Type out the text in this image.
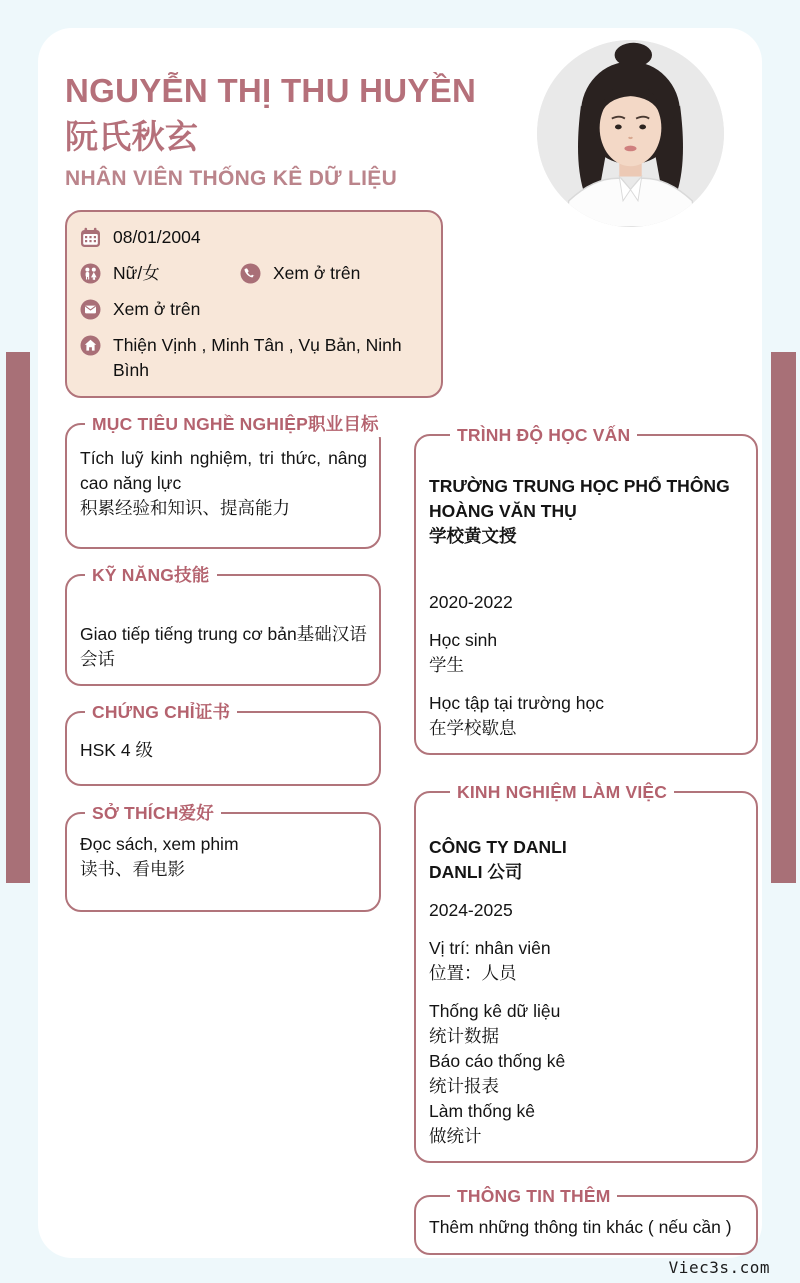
NGUYỄN THỊ THU HUYỀN
阮氏秋玄
NHÂN VIÊN THỐNG KÊ DỮ LIỆU
08/01/2004
Nữ/女	Xem ở trên
Xem ở trên
Thiện Vịnh , Minh Tân , Vụ Bản, Ninh Bình
MỤC TIÊU NGHỀ NGHIỆP职业目标
Tích luỹ kinh nghiệm, tri thức, nâng cao năng lực
积累经验和知识、提高能力
KỸ NĂNG技能
Giao tiếp tiếng trung cơ bản基础汉语会话
CHỨNG CHỈ证书
HSK 4 级
SỞ THÍCH爱好
Đọc sách, xem phim
读书、看电影
TRÌNH ĐỘ HỌC VẤN
TRƯỜNG TRUNG HỌC PHỔ THÔNG HOÀNG VĂN THỤ
学校黄文授
2020-2022
Học sinh
学生
Học tập tại trường học
在学校歇息
KINH NGHIỆM LÀM VIỆC
CÔNG TY DANLI
DANLI 公司
2024-2025
Vị trí: nhân viên
位置：人员
Thống kê dữ liệu
统计数据
Báo cáo thống kê
统计报表
Làm thống kê
做统计
THÔNG TIN THÊM
Thêm những thông tin khác ( nếu cần )
Viec3s.com
